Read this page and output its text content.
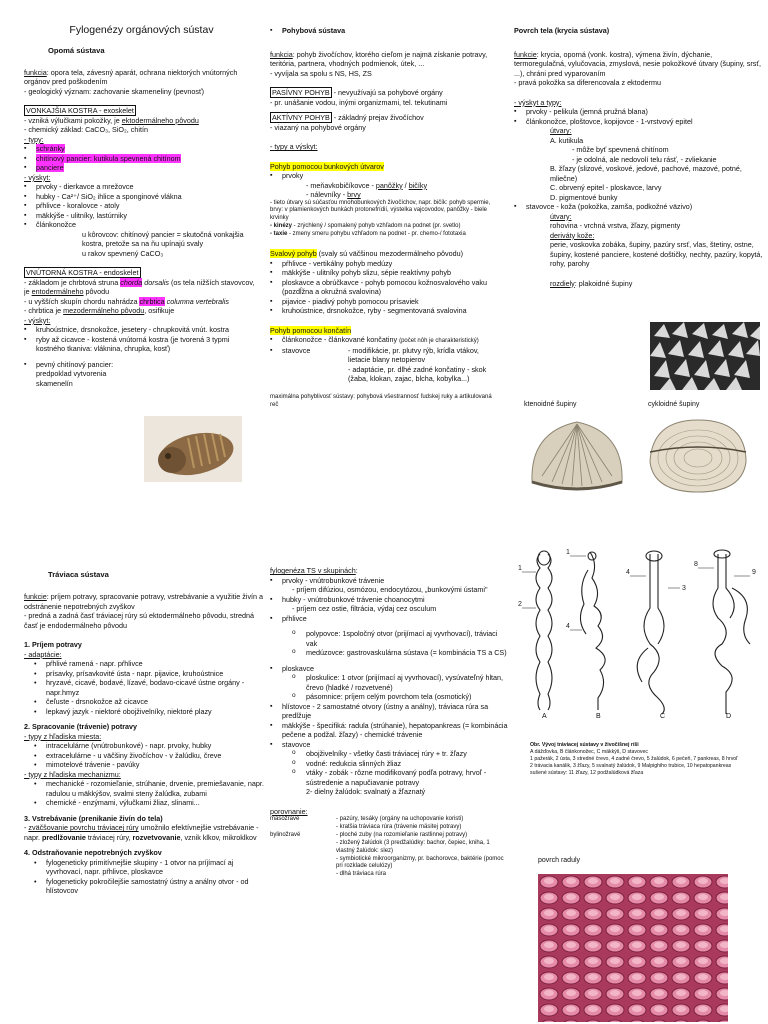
Fylogenézy orgánových sústav
Opomá sústava

funkcia: opora tela, závesný aparát, ochrana niektorých vnútorných orgánov pred poškodením

- geologický význam: zachovanie skameneliny (pevnosť)

VONKAJŠIA KOSTRA - exoskelet

- vzniká výlučkami pokožky, je ektodermálneho pôvodu

- chemický základ: CaCO₃, SiO₂, chitín

- typy:

▪ schránky

▪ chitínový pancier: kutikula spevnená chitínom

▪ panciere

- výskyt:

▪ prvoky - dierkavce a mrežovce

▪ hubky - Ca²⁺/ SiO₂ ihlice a sponginové vlákna

▪ pŕhlivce - koralovce - atoly

▪ mäkkýše - ulitníky, lastúrniky

▪ článkonožce

u kôrovcov: chitínový pancier = skutočná vonkajšia kostra, pretože sa na ňu upínajú svaly

u rakov spevnený CaCO₃

VNÚTORNÁ KOSTRA - endoskelet

- základom je chrbtová struna chorda dorsalis (os tela nižších stavovcov, je entodermálneho pôvodu

- u vyšších skupín chordu nahrádza chrbtica columna vertebralis

- chrbtica je mezodermálneho pôvodu, osifikuje

- výskyt:

▪ kruhoústnice, drsnokožce, jesetery - chrupkovitá vnút. kostra

▪ ryby až cicavce - kostená vnútorná kostra (je tvorená 3 typmi kostného tkaniva: vláknina, chrupka, kosť)

▪ pevný chitínový pancier: predpoklad vytvorenia skamenelín

▪ Pohybová sústava

funkcia: pohyb živočíchov, ktorého cieľom je najmä získanie potravy, teritória, partnera, vhodných podmienok, útek, ...

- vyvíjala sa spolu s NS, HS, ZS

PASÍVNY POHYB - nevyužívajú sa pohybové orgány

- pr. unášanie vodou, inými organizmami, tel. tekutinami

AKTÍVNY POHYB - základný prejav živočíchov

- viazaný na pohybové orgány

- typy a výskyt:

Pohyb pomocou bunkových útvarov

▪ prvoky

- meňavkobičíkovce - panôžky / bičíky

- nálevníky - brvy

- tieto útvary sú súčasťou mnohobunkových živočíchov, napr. bičík: pohyb spermie, brvy: v plamienkových bunkách protonefrídií, výstelka vajcovodov, panôžky - biele krvinky

- kinézy - zrýchlený / spomalený pohyb vzhľadom na podnet (pr. svetlo)

- taxie - zmeny smeru pohybu vzhľadom na podnet - pr. chemo-/ fototaxia

Svalový pohyb (svaly sú väčšinou mezodermálneho pôvodu)

▪ pŕhlivce - vertikálny pohyb medúzy

▪ mäkkýše - ulitníky pohyb slizu, sépie reaktívny pohyb

▪ ploskavce a obrúčkavce - pohyb pomocou kožnosvalového vaku (pozdĺžna a okružná svalovina)

▪ pijavice - piadivý pohyb pomocou prísaviek

▪ kruhoústnice, drsnokožce, ryby - segmentovaná svalovina

Pohyb pomocou končatín

▪ článkonožce - článkované končatiny (počet nôh je charakteristický)

▪ stavovce	- modifikácie, pr. plutvy rýb, krídla vtákov, lietacie blany netopierov

- adaptácie, pr. dlhé zadné končatiny - skok (žaba, klokan, zajac, blcha, kobylka...)

maximálna pohyblivosť sústavy: pohybová všestrannosť ľudskej ruky a artikulovaná reč

Povrch tela (krycia sústava)

funkcie: krycia, oporná (vonk. kostra), výmena živín, dýchanie, termoregulačná, vylučovacia, zmyslová, nesie pokožkové útvary (šupiny, srsť, ...), chráni pred vyparovaním

- pravá pokožka sa diferencovala z ektodermu

- výskyt a typy:

▪ prvoky - pelikula (jemná pružná blana)

▪ článkonožce, ploštovce, kopijovce - 1-vrstvový epitel

útvary:

A. kutikula

- môže byť spevnená chitínom

- je odolná, ale nedovolí telu rásť, - zvliekanie

B. žľazy (slizové, voskové, jedové, pachové, mazové, potné, mliečne)

C. obrvený epitel - ploskavce, larvy

D. pigmentové bunky

▪ stavovce - koža (pokožka, zamša, podkožné väzivo)

útvary:

rohovina - vrchná vrstva, žľazy, pigmenty

deriváty kože:

perie, voskovka zobáka, šupiny, pazúry srsť, vlas, štetiny, ostne, šupiny, kostené panciere, kostené doštičky, nechty, pazúry, kopytá, rohy, parohy

rozdiely: plakoidné šupiny

ktenoidné šupiny	cykloidné šupiny
Tráviaca sústava

funkcie: príjem potravy, spracovanie potravy, vstrebávanie a využitie živín a odstránenie nepotrebných zvyškov

- predná a zadná časť tráviacej rúry sú ektodermálneho pôvodu, stredná časť je endodermálneho pôvodu

1. Príjem potravy

- adaptácie:

• pŕhlivé ramená - napr. pŕhlivce

• prísavky, prísavkovité ústa - napr. pijavice, kruhoústnice

• hryzavé, cicavé, bodavé, lízavé, bodavo-cicavé ústne orgány - napr.hmyz

• čeľuste - drsnokožce až cicavce

• lepkavý jazyk - niektoré obojživelníky, niektoré plazy

2. Spracovanie (trávenie) potravy

- typy z hľadiska miesta:

• intracelulárne (vnútrobunkové) - napr. prvoky, hubky

• extracelulárne - u väčšiny živočíchov - v žalúdku, čreve

• mimotelové trávenie - pavúky

- typy z hľadiska mechanizmu:

• mechanické - rozomieľanie, strúhanie, drvenie, premiešavanie, napr. radulou u mäkkýšov, svalmi steny žalúdka, zubami

• chemické - enzýmami, výlučkami žliaz, slinami...

3. Vstrebávanie (prenikanie živín do tela)

- zväčšovanie povrchu tráviacej rúry umožnilo efektívnejšie vstrebávanie - napr. predlžovanie tráviacej rúry, rozvetvovanie, vznik klkov, mikroklkov

4. Odstraňovanie nepotrebných zvyškov

• fylogeneticky primitívnejšie skupiny - 1 otvor na príjímací aj vyvrhovací, napr. pŕhlivce, ploskavce

• fylogeneticky pokročilejšie samostatný ústny a análny otvor - od hlístovcov

fylogenéza TS v skupinách:

▪ prvoky - vnútrobunkové trávenie

- príjem difúziou, osmózou, endocytózou, „bunkovými ústami"

▪ hubky - vnútrobunkové trávenie choanocytmi

- príjem cez ostie, filtrácia, výdaj cez osculum

▪ pŕhlivce

o polypovce: 1spoločný otvor (prijímací aj vyvrhovací), tráviaci vak

o medúzovce: gastrovaskulárna sústava (= kombinácia TS a CS)

▪ ploskavce

o ploskulice: 1 otvor (prijímací aj vyvrhovací), vysúvateľný hltan, črevo (hladké / rozvetvené)

o pásomnice: príjem celým povrchom tela (osmotický)

▪ hlístovce - 2 samostatné otvory (ústny a análny), tráviaca rúra sa predlžuje

▪ mäkkýše - špecifiká: radula (strúhanie), hepatopankreas (= kombinácia pečene a podžal. žľazy) - chemické trávenie

▪ stavovce

o obojživelníky - všetky časti tráviacej rúry + tr. žľazy

o vodné: redukcia slinných žliaz

o vtáky - zobák - rôzne modifikovaný podľa potravy, hrvoľ - sústredenie a napučiavanie potravy

2- dielny žalúdok: svalnatý a žľaznatý

porovnanie:

mäsožravé	- pazúry, tesáky (orgány na uchopovanie koristi)

- kratšia tráviaca rúra (trávenie mäsitej potravy)

bylinožravé	- ploché zuby (na rozomieľanie rastlinnej potravy)

- zložený žalúdok (3 predžalúdky: bachor, čepiec, kniha, 1 vlastný žalúdok: slez)

- symbiotické mikroorganizmy, pr. bachorovce, baktérie (pomoc pri rozklade celulózy)

- dlhá tráviaca rúra

1
2
1
4
4
3
8
9
A	B	C	D
Obr. Vývoj tráviacej sústavy v živočíšnej ríši
A dážďovka, B článkonožec, C mäkkýš, D stavovec
1 pažerák, 2 ústa, 3 stredné črevo, 4 zadné črevo, 5 žalúdok, 6 pečeň, 7 pankreas, 8 hrvoľ
2 trávacia kanálik, 3 žľazy, 5 svalnatý žalúdok, 9 Malpighiho trubice, 10 hepatopankreas
sušené sústavy: 11 žľazy, 12 podžalúdková žľaza
povrch raduly
